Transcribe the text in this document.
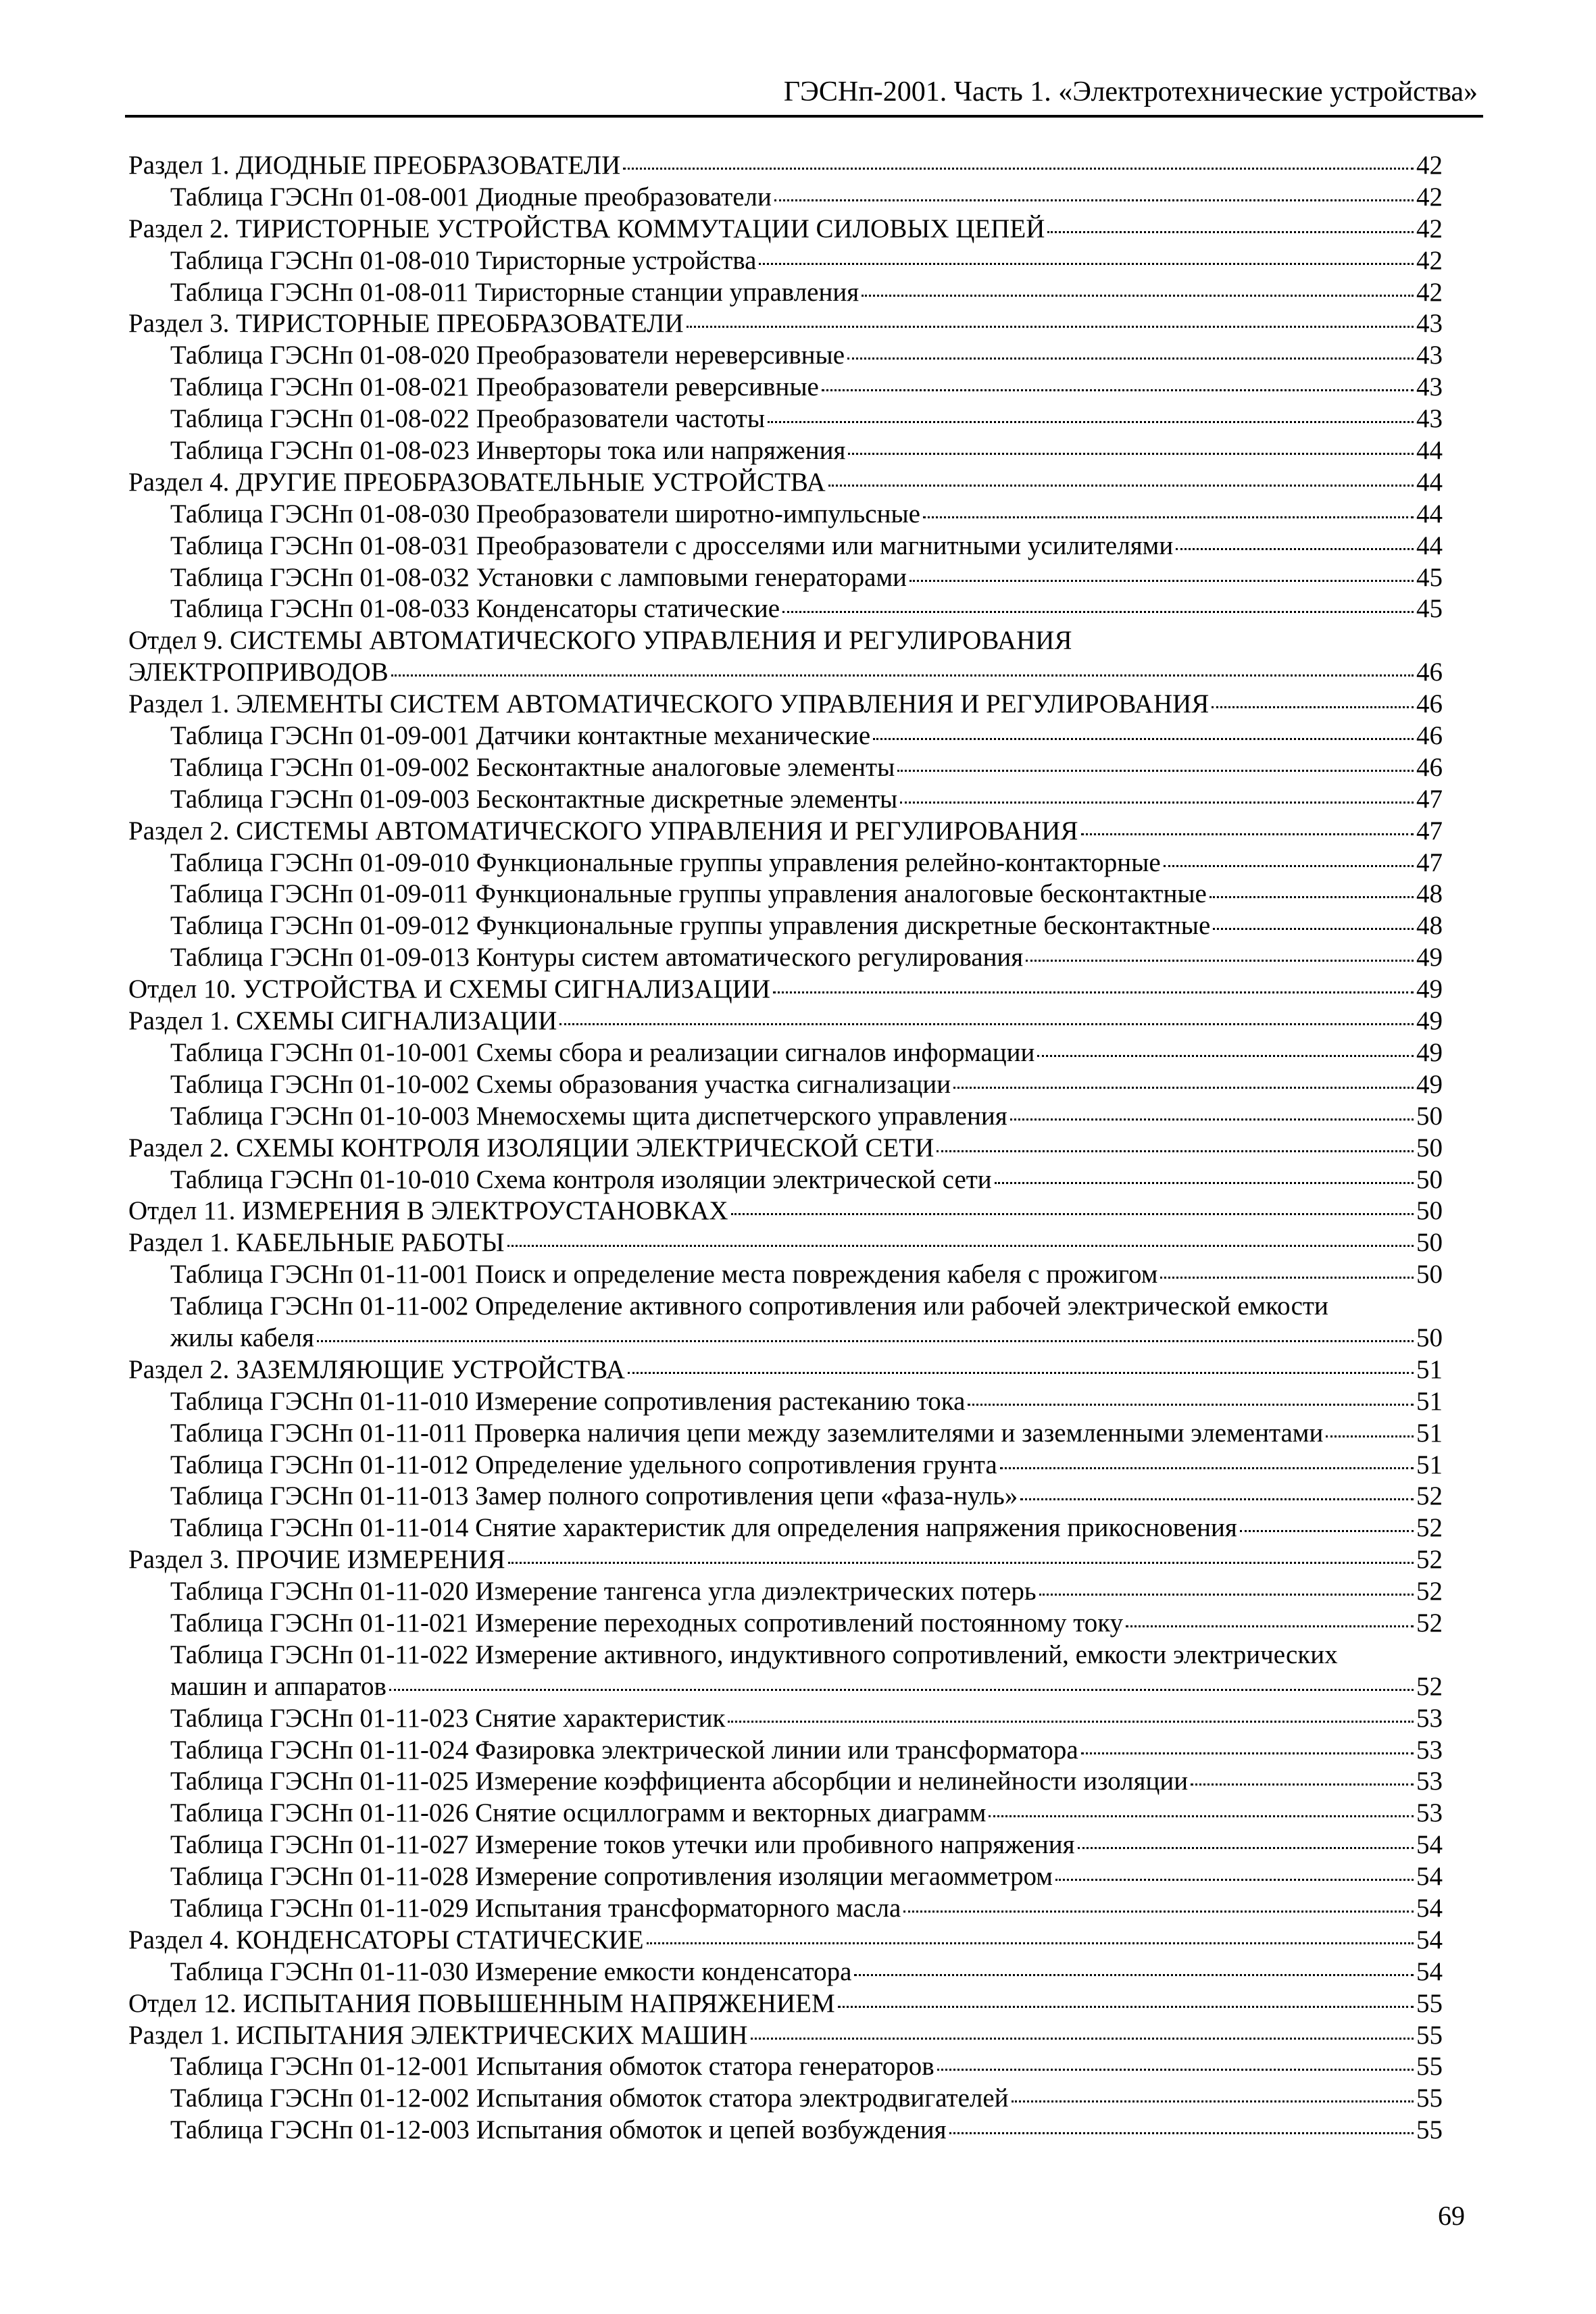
ГЭСНп-2001. Часть 1. «Электротехнические устройства»
Раздел 1. ДИОДНЫЕ ПРЕОБРАЗОВАТЕЛИ	42
Таблица ГЭСНп 01-08-001 Диодные преобразователи	42
Раздел 2. ТИРИСТОРНЫЕ УСТРОЙСТВА КОММУТАЦИИ СИЛОВЫХ ЦЕПЕЙ	42
Таблица ГЭСНп 01-08-010 Тиристорные устройства	42
Таблица ГЭСНп 01-08-011 Тиристорные станции управления	42
Раздел 3. ТИРИСТОРНЫЕ ПРЕОБРАЗОВАТЕЛИ	43
Таблица ГЭСНп 01-08-020 Преобразователи нереверсивные	43
Таблица ГЭСНп 01-08-021 Преобразователи реверсивные	43
Таблица ГЭСНп 01-08-022 Преобразователи частоты	43
Таблица ГЭСНп 01-08-023 Инверторы тока или напряжения	44
Раздел 4. ДРУГИЕ ПРЕОБРАЗОВАТЕЛЬНЫЕ УСТРОЙСТВА	44
Таблица ГЭСНп 01-08-030 Преобразователи широтно-импульсные	44
Таблица ГЭСНп 01-08-031 Преобразователи с дросселями или магнитными усилителями	44
Таблица ГЭСНп 01-08-032 Установки с ламповыми генераторами	45
Таблица ГЭСНп 01-08-033 Конденсаторы статические	45
Отдел 9. СИСТЕМЫ АВТОМАТИЧЕСКОГО УПРАВЛЕНИЯ И РЕГУЛИРОВАНИЯ
ЭЛЕКТРОПРИВОДОВ	46
Раздел 1. ЭЛЕМЕНТЫ СИСТЕМ АВТОМАТИЧЕСКОГО УПРАВЛЕНИЯ И РЕГУЛИРОВАНИЯ	46
Таблица ГЭСНп 01-09-001 Датчики контактные механические	46
Таблица ГЭСНп 01-09-002 Бесконтактные аналоговые элементы	46
Таблица ГЭСНп 01-09-003 Бесконтактные дискретные элементы	47
Раздел 2. СИСТЕМЫ АВТОМАТИЧЕСКОГО УПРАВЛЕНИЯ И РЕГУЛИРОВАНИЯ	47
Таблица ГЭСНп 01-09-010 Функциональные группы управления релейно-контакторные	47
Таблица ГЭСНп 01-09-011 Функциональные группы управления аналоговые бесконтактные	48
Таблица ГЭСНп 01-09-012 Функциональные группы управления дискретные бесконтактные	48
Таблица ГЭСНп 01-09-013 Контуры систем автоматического регулирования	49
Отдел 10. УСТРОЙСТВА И СХЕМЫ СИГНАЛИЗАЦИИ	49
Раздел 1. СХЕМЫ СИГНАЛИЗАЦИИ	49
Таблица ГЭСНп 01-10-001 Схемы сбора и реализации сигналов информации	49
Таблица ГЭСНп 01-10-002 Схемы образования участка сигнализации	49
Таблица ГЭСНп 01-10-003 Мнемосхемы щита диспетчерского управления	50
Раздел 2. СХЕМЫ КОНТРОЛЯ ИЗОЛЯЦИИ ЭЛЕКТРИЧЕСКОЙ СЕТИ	50
Таблица ГЭСНп 01-10-010 Схема контроля изоляции электрической сети	50
Отдел 11. ИЗМЕРЕНИЯ В ЭЛЕКТРОУСТАНОВКАХ	50
Раздел 1. КАБЕЛЬНЫЕ РАБОТЫ	50
Таблица ГЭСНп 01-11-001 Поиск и определение места повреждения кабеля с прожигом	50
Таблица ГЭСНп 01-11-002 Определение активного сопротивления или рабочей электрической емкости
жилы кабеля	50
Раздел 2. ЗАЗЕМЛЯЮЩИЕ УСТРОЙСТВА	51
Таблица ГЭСНп 01-11-010 Измерение сопротивления растеканию тока	51
Таблица ГЭСНп 01-11-011 Проверка наличия цепи между заземлителями и заземленными элементами	51
Таблица ГЭСНп 01-11-012 Определение удельного сопротивления грунта	51
Таблица ГЭСНп 01-11-013 Замер полного сопротивления цепи «фаза-нуль»	52
Таблица ГЭСНп 01-11-014 Снятие характеристик для определения напряжения прикосновения	52
Раздел 3. ПРОЧИЕ ИЗМЕРЕНИЯ	52
Таблица ГЭСНп 01-11-020 Измерение тангенса угла диэлектрических потерь	52
Таблица ГЭСНп 01-11-021 Измерение переходных сопротивлений постоянному току	52
Таблица ГЭСНп 01-11-022 Измерение активного, индуктивного сопротивлений, емкости электрических
машин и аппаратов	52
Таблица ГЭСНп 01-11-023 Снятие характеристик	53
Таблица ГЭСНп 01-11-024 Фазировка электрической линии или трансформатора	53
Таблица ГЭСНп 01-11-025 Измерение коэффициента абсорбции и нелинейности изоляции	53
Таблица ГЭСНп 01-11-026 Снятие осциллограмм и векторных диаграмм	53
Таблица ГЭСНп 01-11-027 Измерение токов утечки или пробивного напряжения	54
Таблица ГЭСНп 01-11-028 Измерение сопротивления изоляции мегаомметром	54
Таблица ГЭСНп 01-11-029 Испытания трансформаторного масла	54
Раздел 4. КОНДЕНСАТОРЫ СТАТИЧЕСКИЕ	54
Таблица ГЭСНп 01-11-030 Измерение емкости конденсатора	54
Отдел 12. ИСПЫТАНИЯ ПОВЫШЕННЫМ НАПРЯЖЕНИЕМ	55
Раздел 1. ИСПЫТАНИЯ ЭЛЕКТРИЧЕСКИХ МАШИН	55
Таблица ГЭСНп 01-12-001 Испытания обмоток статора генераторов	55
Таблица ГЭСНп 01-12-002 Испытания обмоток статора электродвигателей	55
Таблица ГЭСНп 01-12-003 Испытания обмоток и цепей возбуждения	55
69
